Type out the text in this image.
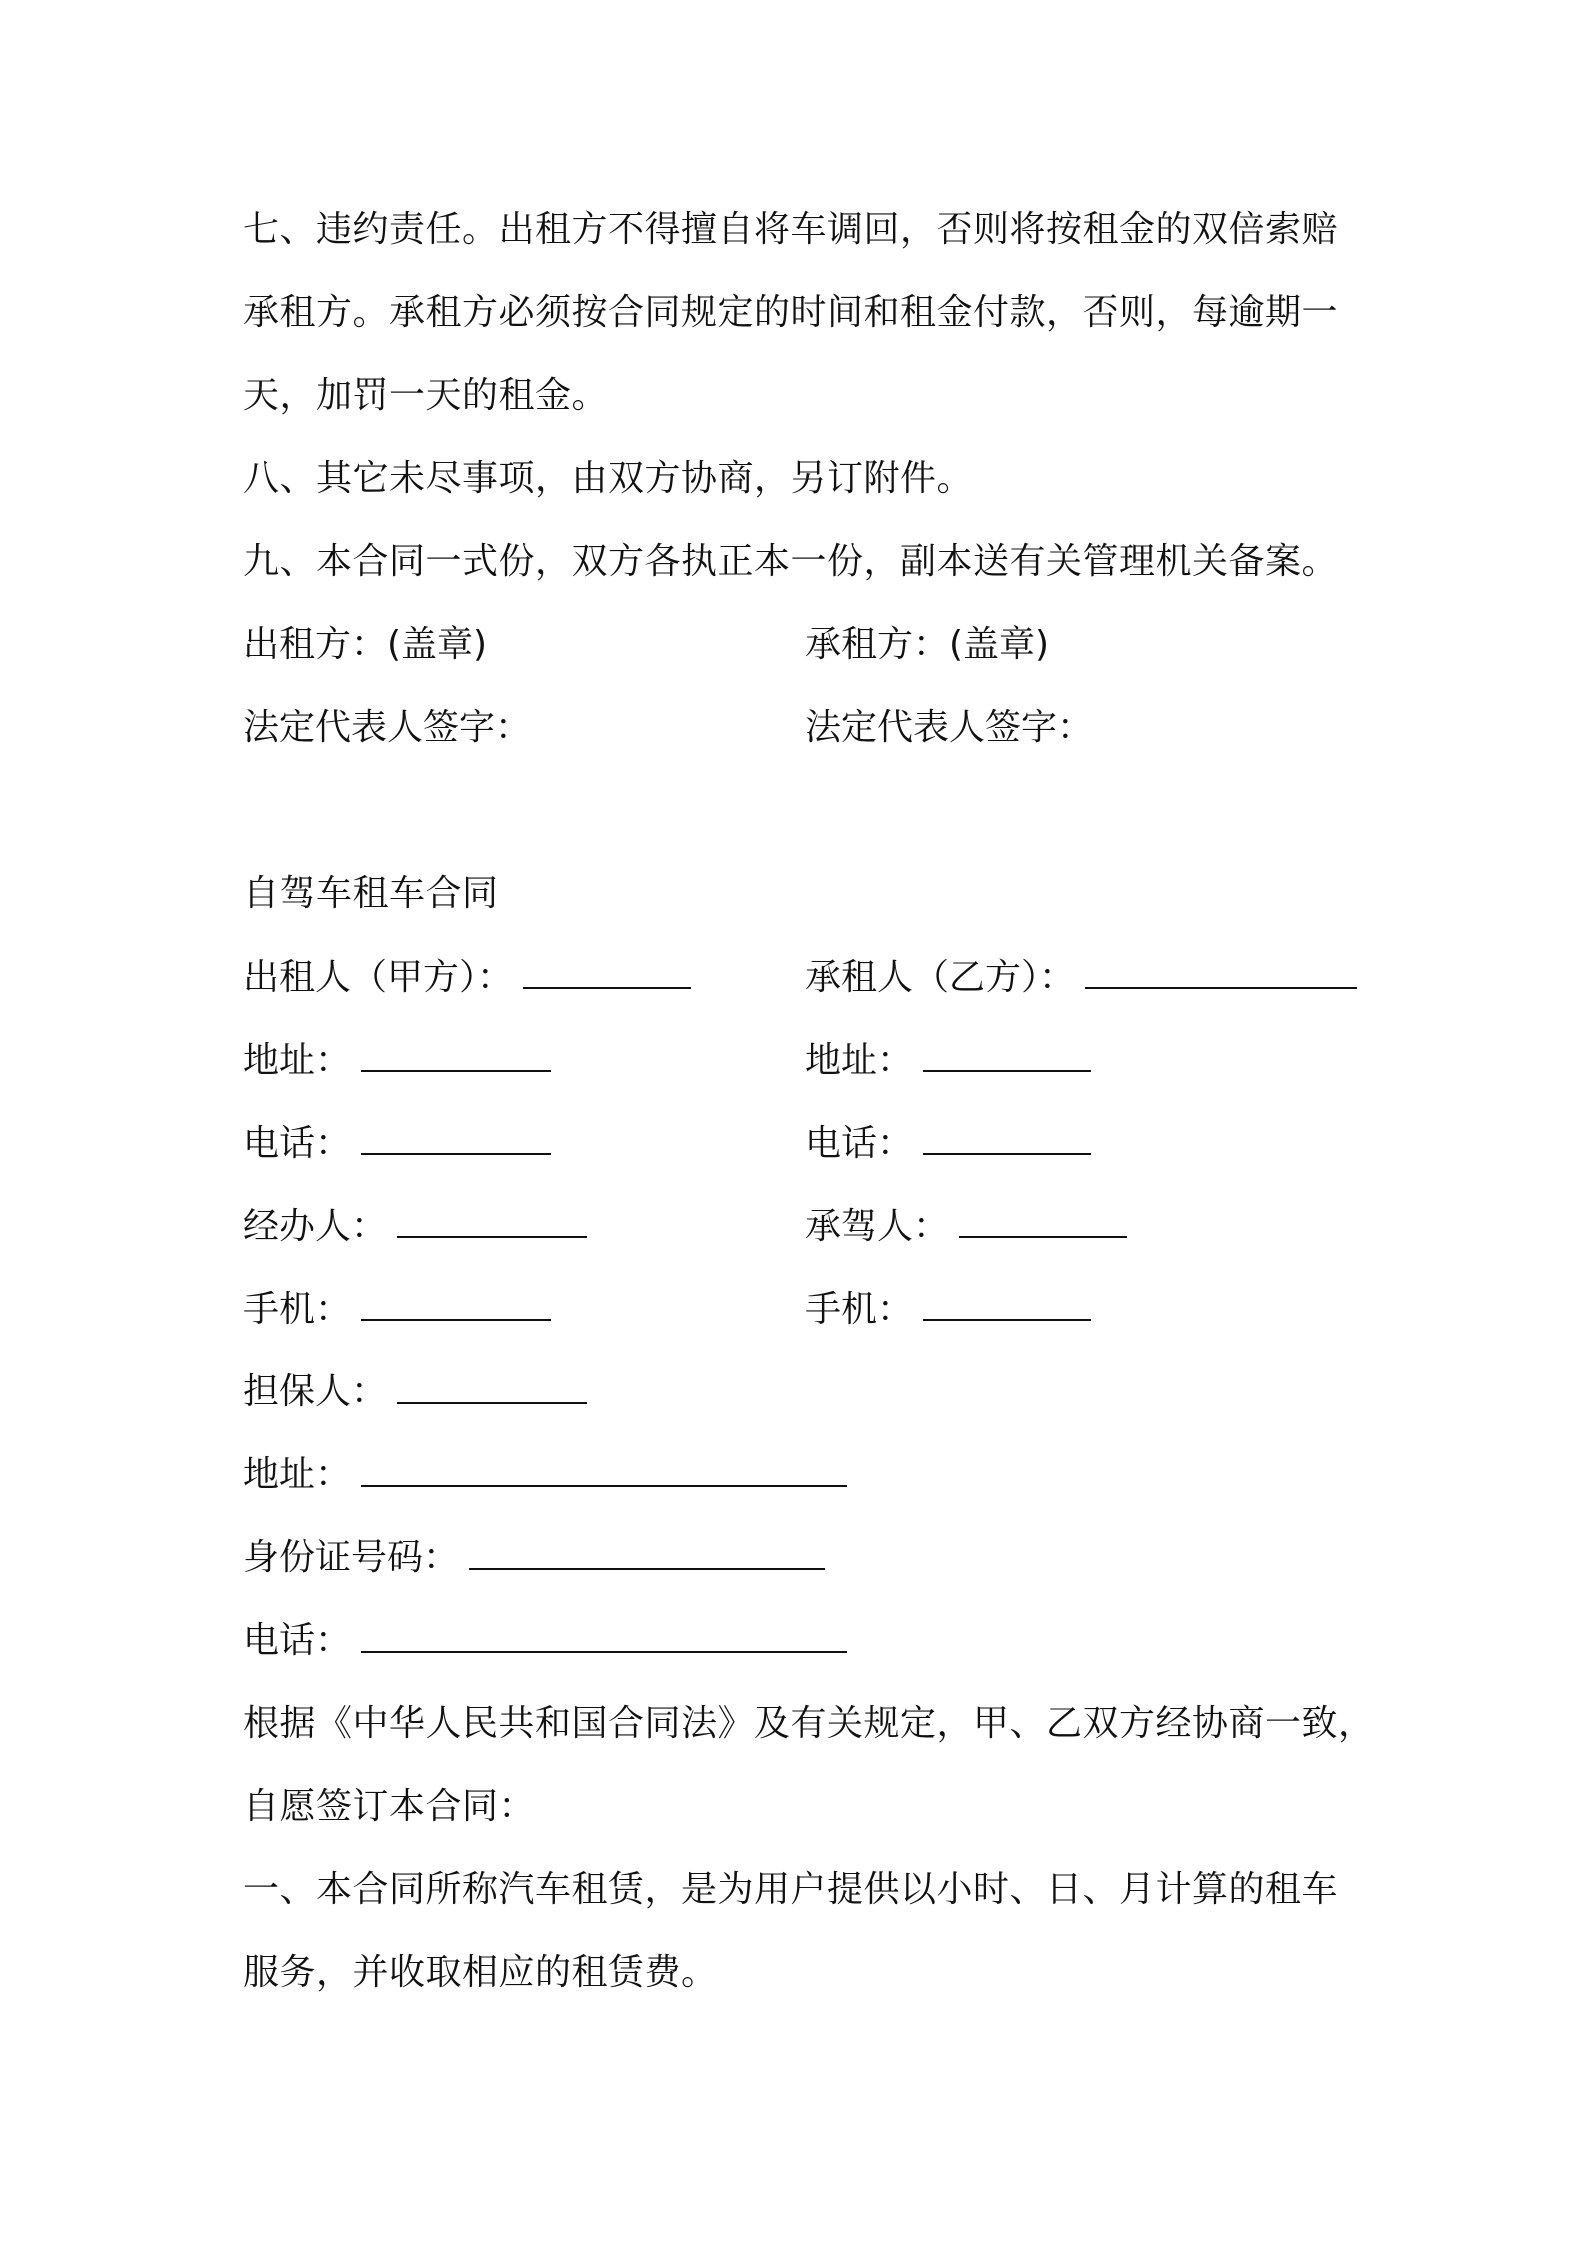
七、违约责任。出租方不得擅自将车调回，否则将按租金的双倍索赔
承租方。承租方必须按合同规定的时间和租金付款，否则，每逾期一
天，加罚一天的租金。
八、其它未尽事项，由双方协商，另订附件。
九、本合同一式份，双方各执正本一份，副本送有关管理机关备案。
出租方：(盖章)	承租方：(盖章)
法定代表人签字：	法定代表人签字：
自驾车租车合同
出租人（甲方）：	承租人（乙方）：
地址：	地址：
电话：	电话：
经办人：	承驾人：
手机：	手机：
担保人：
地址：
身份证号码：
电话：
根据《中华人民共和国合同法》及有关规定，甲、乙双方经协商一致，
自愿签订本合同：
一、本合同所称汽车租赁，是为用户提供以小时、日、月计算的租车
服务，并收取相应的租赁费。
